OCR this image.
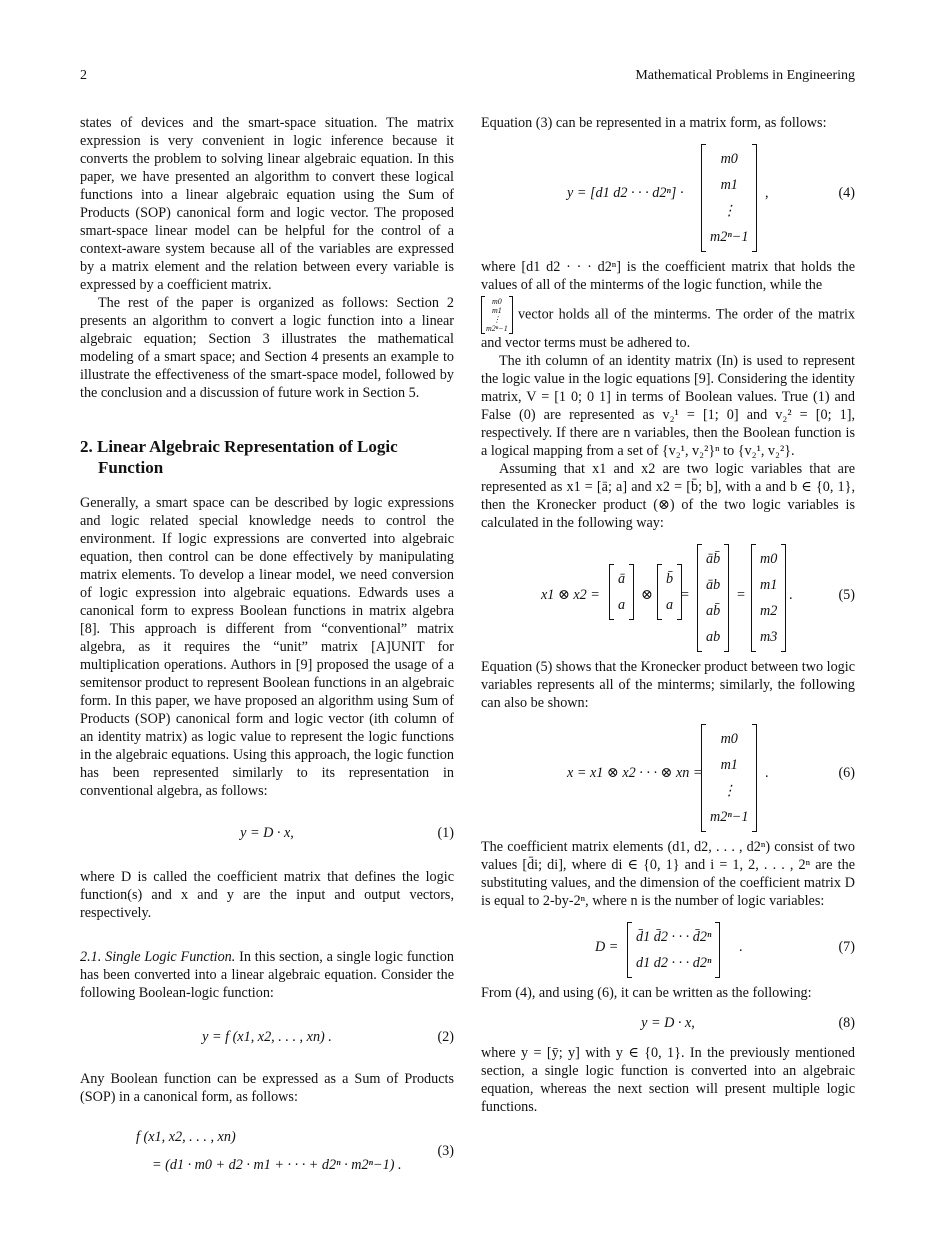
2	Mathematical Problems in Engineering

states of devices and the smart-space situation. The matrix expression is very convenient in logic inference because it converts the problem to solving linear algebraic equation. In this paper, we have presented an algorithm to convert these logical functions into a linear algebraic equation using the Sum of Products (SOP) canonical form and logic vector. The proposed smart-space linear model can be helpful for the control of a context-aware system because all of the variables are expressed by a matrix element and the relation between every variable is expressed by a coefficient matrix.

The rest of the paper is organized as follows: Section 2 presents an algorithm to convert a logic function into a linear algebraic equation; Section 3 illustrates the mathematical modeling of a smart space; and Section 4 presents an example to illustrate the effectiveness of the smart-space model, followed by the conclusion and a discussion of future work in Section 5.

2. Linear Algebraic Representation of Logic Function

Generally, a smart space can be described by logic expressions and logic related special knowledge needs to control the environment. If logic expressions are converted into algebraic equation, then control can be done effectively by manipulating matrix elements. To develop a linear model, we need conversion of logic expression into algebraic equations. Edwards uses a canonical form to express Boolean functions in matrix algebra [8]. This approach is different from “conventional” matrix algebra, as it requires the “unit” matrix [A]UNIT for multiplication operations. Authors in [9] proposed the usage of a semitensor product to represent Boolean functions in an algebraic form. In this paper, we have proposed an algorithm using Sum of Products (SOP) canonical form and logic vector (ith column of an identity matrix) as logic value to represent the logic functions in the algebraic equations. Using this approach, the logic function has been represented similarly to its representation in conventional algebra, as follows:

y = D · x,	(1)

where D is called the coefficient matrix that defines the logic function(s) and x and y are the input and output vectors, respectively.

2.1. Single Logic Function. In this section, a single logic function has been converted into a linear algebraic equation. Consider the following Boolean-logic function:

y = f (x1, x2, . . . , xn) .	(2)

Any Boolean function can be expressed as a Sum of Products (SOP) in a canonical form, as follows:

f (x1, x2, . . . , xn)
= (d1 · m0 + d2 · m1 + · · · + d2ⁿ · m2ⁿ−1) .
(3)

Equation (3) can be represented in a matrix form, as follows:

y = [d1 d2 · · · d2ⁿ] ·
m0
m1
⋮
m2ⁿ−1
,	(4)

where [d1 d2 · · · d2ⁿ] is the coefficient matrix that holds the values of all of the minterms of the logic function, while the

m0
m1
⋮
m2ⁿ−1
vector holds all of the minterms. The order of the matrix and vector terms must be adhered to.

The ith column of an identity matrix (In) is used to represent the logic value in the logic equations [9]. Considering the identity matrix, V = [1 0; 0 1] in terms of Boolean values. True (1) and False (0) are represented as v₂¹ = [1; 0] and v₂² = [0; 1], respectively. If there are n variables, then the Boolean function is a logical mapping from a set of {v₂¹, v₂²}ⁿ to {v₂¹, v₂²}.

Assuming that x1 and x2 are two logic variables that are represented as x1 = [ā; a] and x2 = [b̄; b], with a and b ∈ {0, 1}, then the Kronecker product (⊗) of the two logic variables is calculated in the following way:

x1 ⊗ x2 =
ā
a
⊗
b̄
a
=
āb̄
āb
ab̄
ab
=
m0
m1
m2
m3
.	(5)

Equation (5) shows that the Kronecker product between two logic variables represents all of the minterms; similarly, the following can also be shown:

x = x1 ⊗ x2 · · · ⊗ xn =
m0
m1
⋮
m2ⁿ−1
.	(6)

The coefficient matrix elements (d1, d2, . . . , d2ⁿ) consist of two values [d̄i; di], where di ∈ {0, 1} and i = 1, 2, . . . , 2ⁿ are the substituting values, and the dimension of the coefficient matrix D is equal to 2-by-2ⁿ, where n is the number of logic variables:

D =
d̄1 d̄2 · · · d̄2ⁿ
d1 d2 · · · d2ⁿ
.	(7)

From (4), and using (6), it can be written as the following:

y = D · x,	(8)

where y = [ȳ; y] with y ∈ {0, 1}. In the previously mentioned section, a single logic function is converted into an algebraic equation, whereas the next section will present multiple logic functions.
